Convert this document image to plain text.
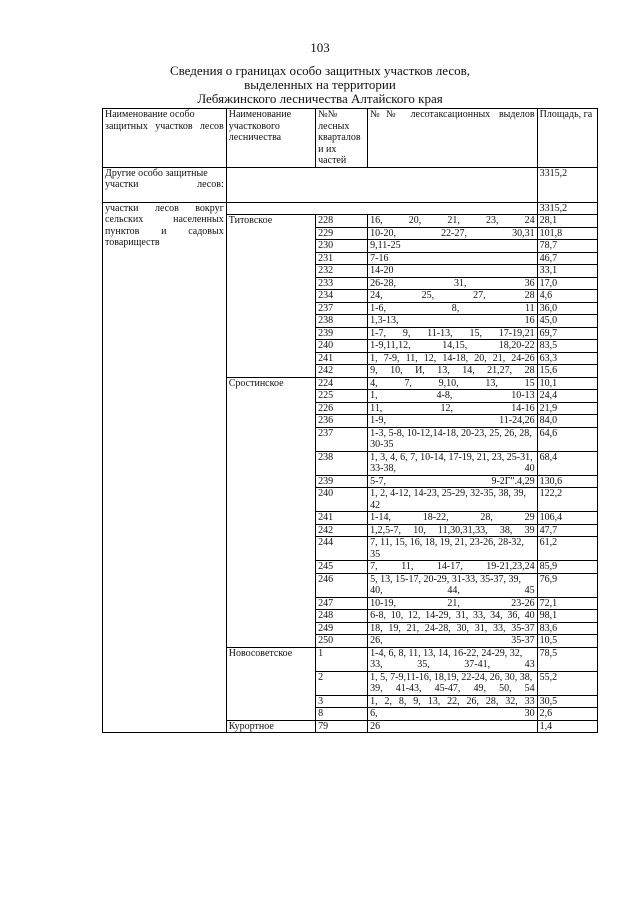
103
Сведения о границах особо защитных участков лесов,
выделенных на территории
Лебяжинского лесничества Алтайского края
Наименование особо защитных участков лесов	Наименование участкового лесничества	№№ лесных кварталов и их частей	№№ лесотаксационных выделов	Площадь, га
Другие особо защитные участки лесов:				3315,2

участки лесов вокруг сельских населенных пунктов и садовых товариществ				3315,2
	Титовское	228	16, 20, 21, 23, 24	28,1
		229	10-20, 22-27, 30,31	101,8
		230	9,11-25	78,7
		231	7-16	46,7
		232	14-20	33,1
		233	26-28, 31, 36	17,0
		234	24, 25, 27, 28	4,6
		237	1-6, 8, 11	36,0
		238	1,3-13, 16	45,0
		239	1-7, 9, 11-13, 15, 17-19,21	69,7
		240	1-9,11,12, 14,15, 18,20-22	83,5
		241	1, 7-9, 11, 12, 14-18, 20, 21, 24-26	63,3
		242	9, 10, И, 13, 14, 21,27, 28	15,6
	Сростинское	224	4, 7, 9,10, 13, 15	10,1
		225	1, 4-8, 10-13	24,4
		226	11, 12, 14-16	21,9
		236	1-9, 11-24,26	84,0
		237	1-3, 5-8, 10-12,14-18, 20-23, 25, 26, 28, 30-35	64,6
		238	1, 3, 4, 6, 7, 10-14, 17-19, 21, 23, 25-31, 33-38, 40	68,4
		239	5-7, 9-2Г".4,29	130,6
		240	1, 2, 4-12, 14-23, 25-29, 32-35, 38, 39, 42	122,2
		241	1-14, 18-22, 28, 29	106,4
		242	1,2,5-7, 10, 11,30,31,33, 38, 39	47,7
		244	7, 11, 15, 16, 18, 19, 21, 23-26, 28-32, 35	61,2
		245	7, 11, 14-17, 19-21,23,24	85,9
		246	5, 13, 15-17, 20-29, 31-33, 35-37, 39, 40, 44, 45	76,9
		247	10-19, 21, 23-26	72,1
		248	6-8, 10, 12, 14-29, 31, 33, 34, 36, 40	98,1
		249	18, 19, 21, 24-28, 30, 31, 33, 35-37	83,6
		250	26, 35-37	10,5
	Новосоветское	1	1-4, 6, 8, 11, 13, 14, 16-22, 24-29, 32, 33, 35, 37-41, 43	78,5
		2	1, 5, 7-9,11-16, 18,19, 22-24, 26, 30, 38, 39, 41-43, 45-47, 49, 50, 54	55,2
		3	1, 2, 8, 9, 13, 22, 26, 28, 32, 33	30,5
		8	6, 30	2,6
	Курортное	79	26	1,4
